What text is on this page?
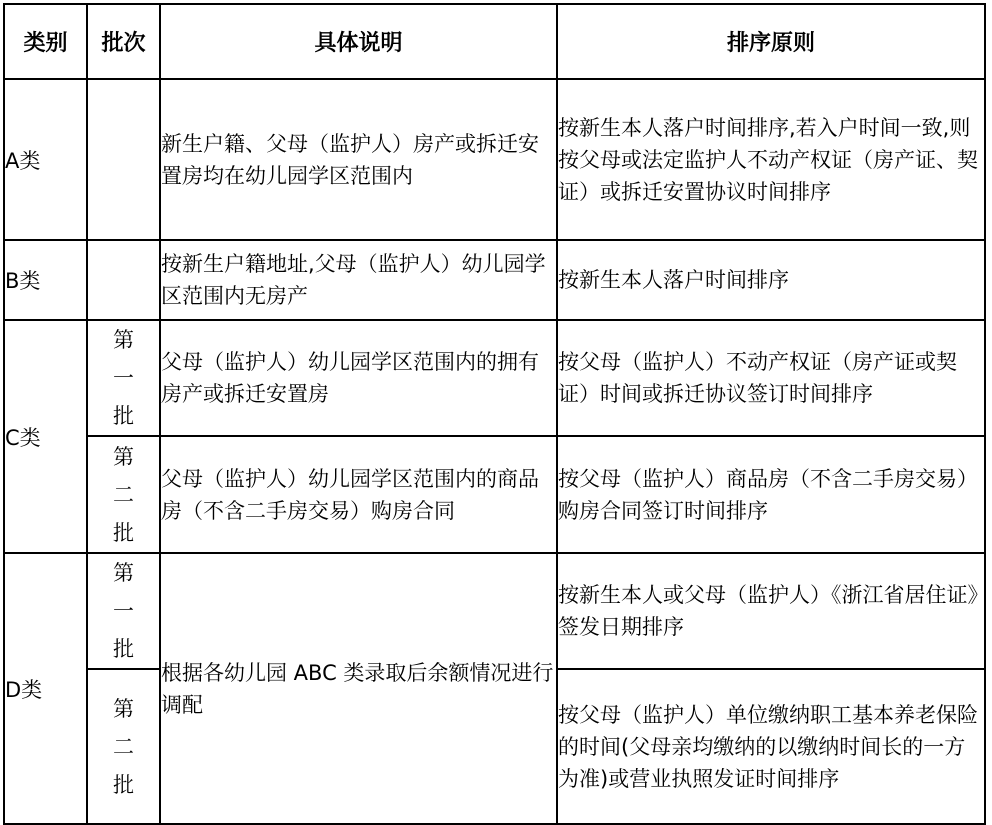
类别	批次	具体说明	排序原则
A类		新生户籍、父母（监护人）房产或拆迁安置房均在幼儿园学区范围内	按新生本人落户时间排序,若入户时间一致,则按父母或法定监护人不动产权证（房产证、契证）或拆迁安置协议时间排序
B类		按新生户籍地址,父母（监护人）幼儿园学区范围内无房产	按新生本人落户时间排序
C类	第一批	父母（监护人）幼儿园学区范围内的拥有房产或拆迁安置房	按父母（监护人）不动产权证（房产证或契证）时间或拆迁协议签订时间排序
	第二批	父母（监护人）幼儿园学区范围内的商品房（不含二手房交易）购房合同	按父母（监护人）商品房（不含二手房交易）购房合同签订时间排序
D类	第一批	根据各幼儿园 ABC 类录取后余额情况进行调配	按新生本人或父母（监护人）《浙江省居住证》签发日期排序
	第二批		按父母（监护人）单位缴纳职工基本养老保险的时间(父母亲均缴纳的以缴纳时间长的一方为准)或营业执照发证时间排序
